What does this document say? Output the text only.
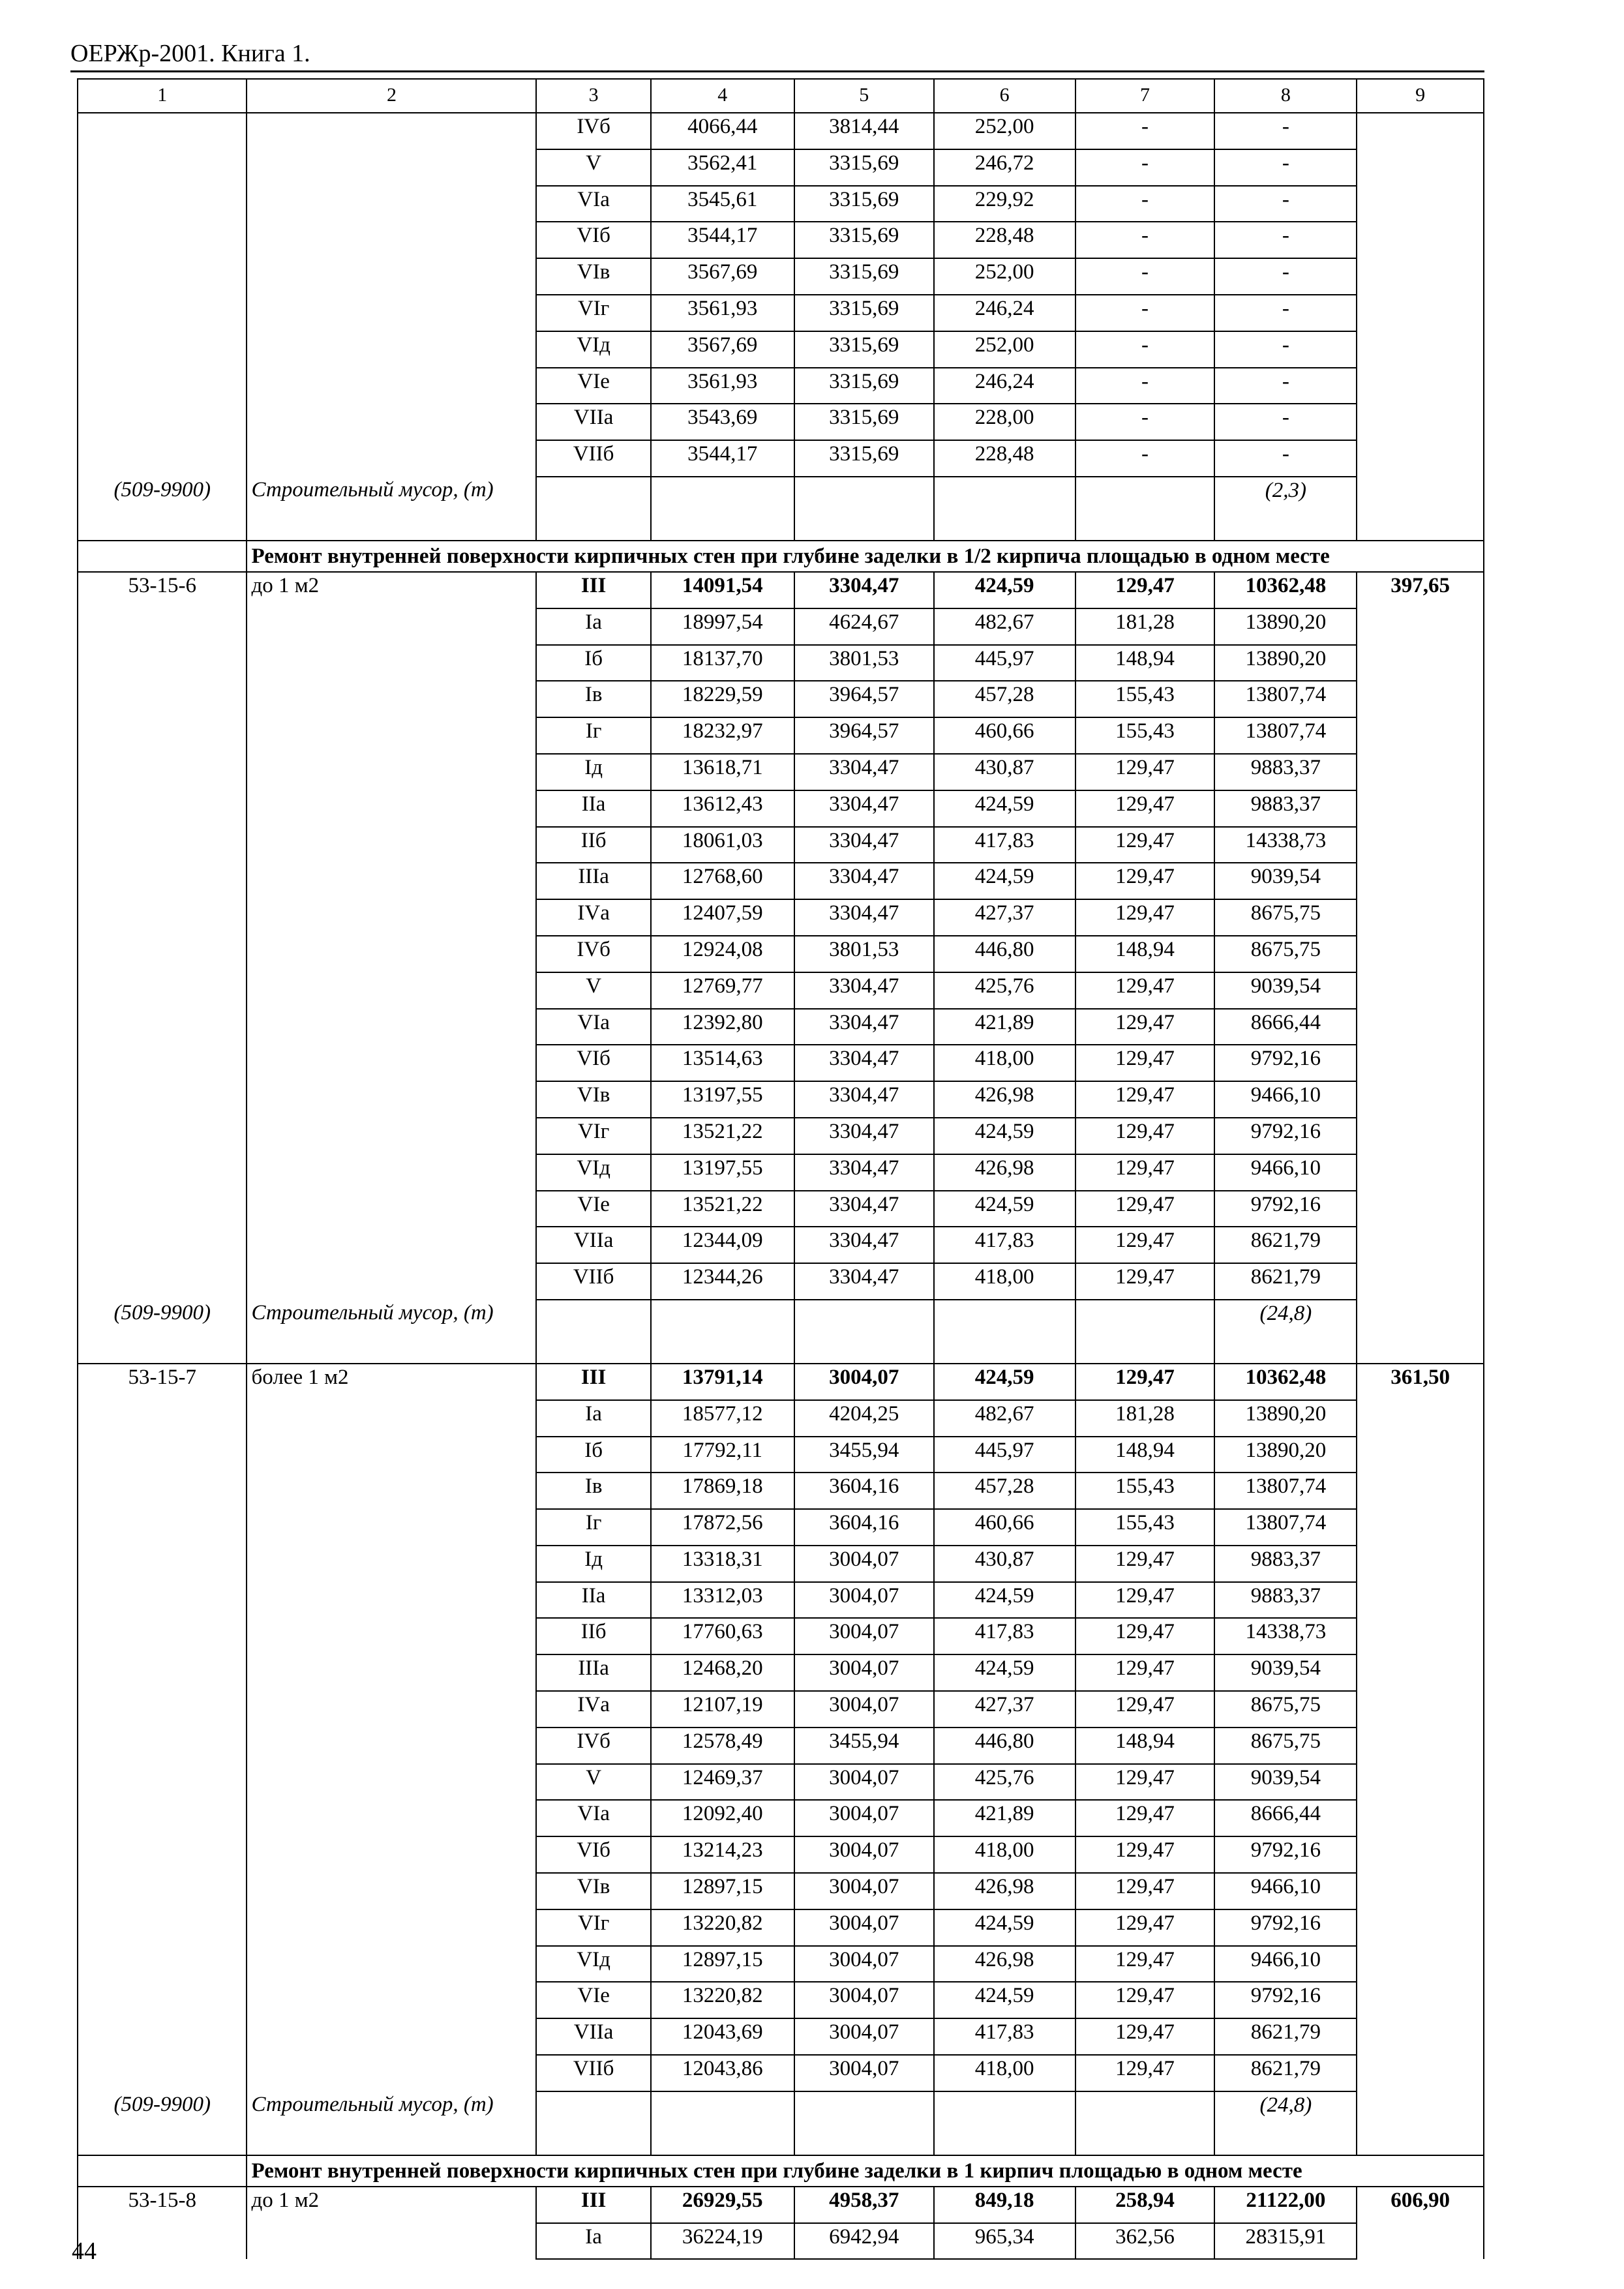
ОЕРЖр-2001. Книга 1.
1	2	3	4	5	6	7	8	9
		IVб	4066,44	3814,44	252,00	-	-	
		V	3562,41	3315,69	246,72	-	-	
		VIа	3545,61	3315,69	229,92	-	-	
		VIб	3544,17	3315,69	228,48	-	-	
		VIв	3567,69	3315,69	252,00	-	-	
		VIг	3561,93	3315,69	246,24	-	-	
		VIд	3567,69	3315,69	252,00	-	-	
		VIе	3561,93	3315,69	246,24	-	-	
		VIIа	3543,69	3315,69	228,00	-	-	
		VIIб	3544,17	3315,69	228,48	-	-	
(509-9900)	Строительный мусор, (т)						(2,3)	
	Ремонт внутренней поверхности кирпичных стен при глубине заделки в 1/2 кирпича площадью в одном месте							
53-15-6	до 1 м2	III	14091,54	3304,47	424,59	129,47	10362,48	397,65
		Iа	18997,54	4624,67	482,67	181,28	13890,20	
		Iб	18137,70	3801,53	445,97	148,94	13890,20	
		Iв	18229,59	3964,57	457,28	155,43	13807,74	
		Iг	18232,97	3964,57	460,66	155,43	13807,74	
		Iд	13618,71	3304,47	430,87	129,47	9883,37	
		IIа	13612,43	3304,47	424,59	129,47	9883,37	
		IIб	18061,03	3304,47	417,83	129,47	14338,73	
		IIIа	12768,60	3304,47	424,59	129,47	9039,54	
		IVа	12407,59	3304,47	427,37	129,47	8675,75	
		IVб	12924,08	3801,53	446,80	148,94	8675,75	
		V	12769,77	3304,47	425,76	129,47	9039,54	
		VIа	12392,80	3304,47	421,89	129,47	8666,44	
		VIб	13514,63	3304,47	418,00	129,47	9792,16	
		VIв	13197,55	3304,47	426,98	129,47	9466,10	
		VIг	13521,22	3304,47	424,59	129,47	9792,16	
		VIд	13197,55	3304,47	426,98	129,47	9466,10	
		VIе	13521,22	3304,47	424,59	129,47	9792,16	
		VIIа	12344,09	3304,47	417,83	129,47	8621,79	
		VIIб	12344,26	3304,47	418,00	129,47	8621,79	
(509-9900)	Строительный мусор, (т)						(24,8)	
53-15-7	более 1 м2	III	13791,14	3004,07	424,59	129,47	10362,48	361,50
		Iа	18577,12	4204,25	482,67	181,28	13890,20	
		Iб	17792,11	3455,94	445,97	148,94	13890,20	
		Iв	17869,18	3604,16	457,28	155,43	13807,74	
		Iг	17872,56	3604,16	460,66	155,43	13807,74	
		Iд	13318,31	3004,07	430,87	129,47	9883,37	
		IIа	13312,03	3004,07	424,59	129,47	9883,37	
		IIб	17760,63	3004,07	417,83	129,47	14338,73	
		IIIа	12468,20	3004,07	424,59	129,47	9039,54	
		IVа	12107,19	3004,07	427,37	129,47	8675,75	
		IVб	12578,49	3455,94	446,80	148,94	8675,75	
		V	12469,37	3004,07	425,76	129,47	9039,54	
		VIа	12092,40	3004,07	421,89	129,47	8666,44	
		VIб	13214,23	3004,07	418,00	129,47	9792,16	
		VIв	12897,15	3004,07	426,98	129,47	9466,10	
		VIг	13220,82	3004,07	424,59	129,47	9792,16	
		VIд	12897,15	3004,07	426,98	129,47	9466,10	
		VIе	13220,82	3004,07	424,59	129,47	9792,16	
		VIIа	12043,69	3004,07	417,83	129,47	8621,79	
		VIIб	12043,86	3004,07	418,00	129,47	8621,79	
(509-9900)	Строительный мусор, (т)						(24,8)	
	Ремонт внутренней поверхности кирпичных стен при глубине заделки в 1 кирпич площадью в одном месте							
53-15-8	до 1 м2	III	26929,55	4958,37	849,18	258,94	21122,00	606,90
		Iа	36224,19	6942,94	965,34	362,56	28315,91	
44
